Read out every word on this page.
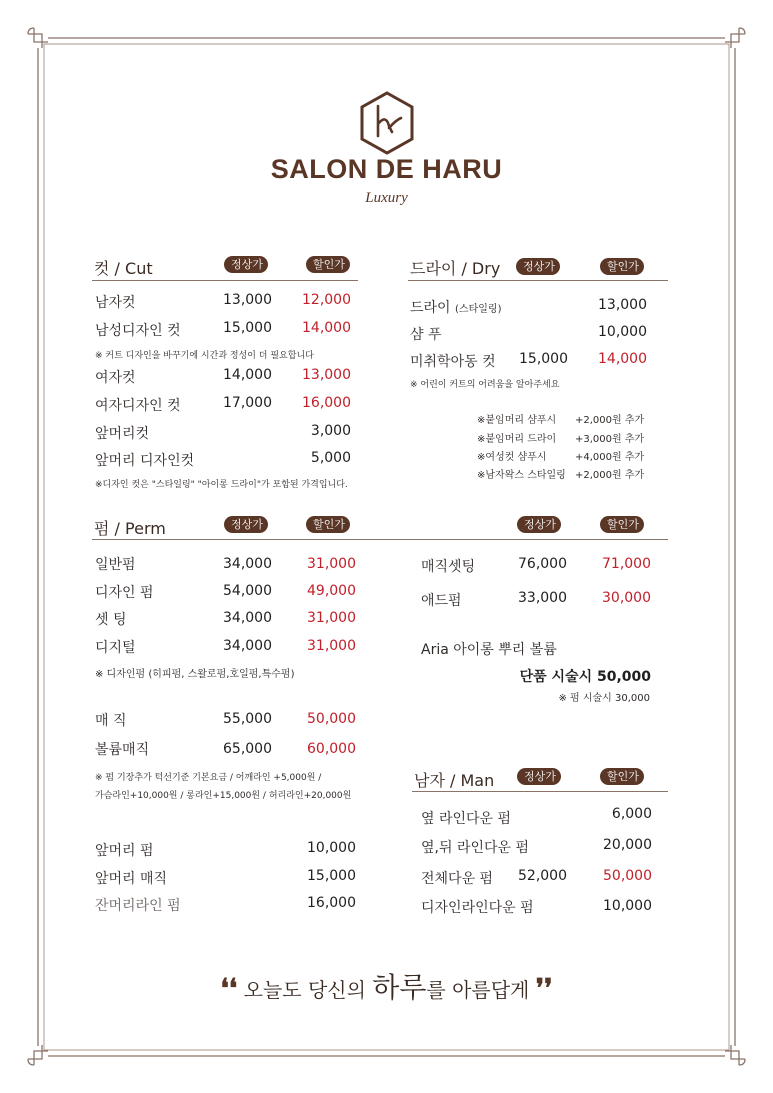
SALON DE HARU
Luxury
컷 / Cut	정상가	할인가
남자컷	13,000	12,000
남성디자인 컷	15,000	14,000
※ 커트 디자인을 바꾸기에 시간과 정성이 더 필요합니다
여자컷	14,000	13,000
여자디자인 컷	17,000	16,000
앞머리컷	3,000
앞머리 디자인컷	5,000
※디자인 컷은 "스타일링" "아이롱 드라이"가 포함된 가격입니다.
드라이 / Dry	정상가	할인가
드라이 (스타일링)	13,000
샴 푸	10,000
미취학아동 컷	15,000	14,000
※ 어린이 커트의 어려움을 알아주세요
※붙임머리 샴푸시 +2,000원 추가
※붙임머리 드라이 +3,000원 추가
※여성컷 샴푸시	+4,000원 추가
※남자왁스 스타일링 +2,000원 추가
펌 / Perm	정상가	할인가	정상가	할인가
일반펌	34,000	31,000
디자인 펌	54,000	49,000
셋 팅	34,000	31,000
디지털	34,000	31,000
※ 디자인펌 (히피펌, 스왈로펌,호일펌,특수펌)
매 직	55,000	50,000
볼륨매직	65,000	60,000
※ 펌 기장추가 턱선기준 기본요금 / 어깨라인 +5,000원 /
가슴라인+10,000원 / 롱라인+15,000원 / 허리라인+20,000원
앞머리 펌	10,000
앞머리 매직	15,000
잔머리라인 펌	16,000
매직셋팅	76,000	71,000
애드펌	33,000	30,000
Aria 아이롱 뿌리 볼륨
단품 시술시 50,000
※ 펌 시술시 30,000
남자 / Man	정상가	할인가
옆 라인다운 펌	6,000
옆,뒤 라인다운 펌	20,000
전체다운 펌	52,000	50,000
디자인라인다운 펌	10,000
❛❛ 오늘도 당신의 하루를 아름답게 ❜❜
